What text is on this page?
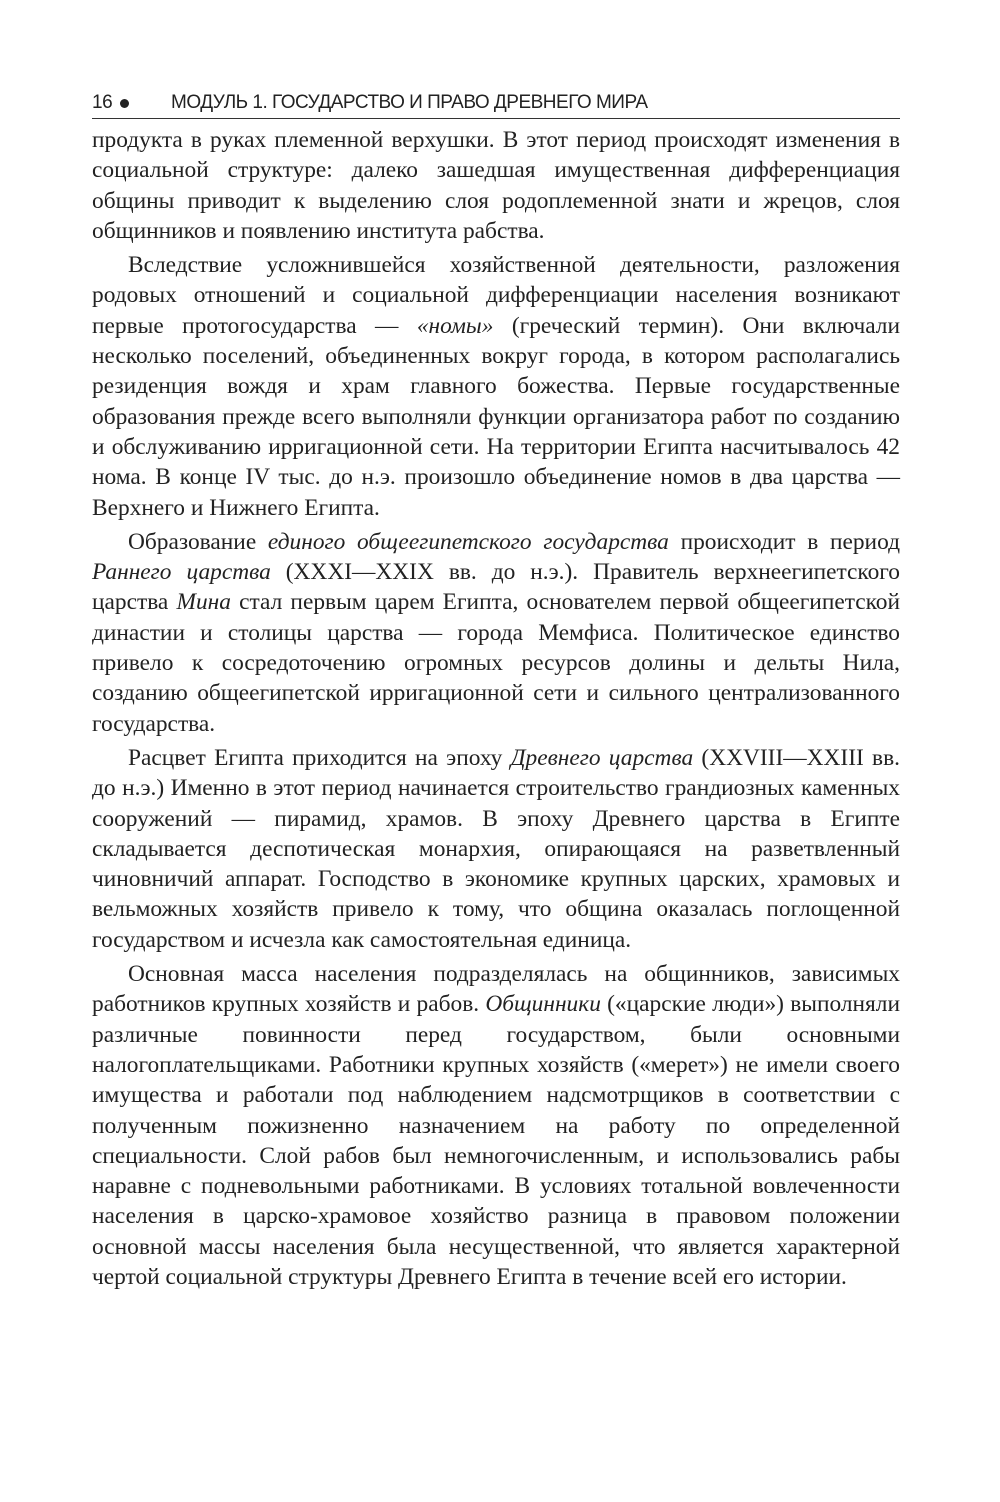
16	МОДУЛЬ 1. ГОСУДАРСТВО И ПРАВО ДРЕВНЕГО МИРА

продукта в руках племенной верхушки. В этот период происходят изменения в социальной структуре: далеко зашедшая имущественная дифференциация общины приводит к выделению слоя родоплеменной знати и жрецов, слоя общинников и появлению института рабства.

Вследствие усложнившейся хозяйственной деятельности, разложения родовых отношений и социальной дифференциации населения возникают первые протогосударства — «номы» (греческий термин). Они включали несколько поселений, объединенных вокруг города, в котором располагались резиденция вождя и храм главного божества. Первые государственные образования прежде всего выполняли функции организатора работ по созданию и обслуживанию ирригационной сети. На территории Египта насчитывалось 42 нома. В конце IV тыс. до н.э. произошло объединение номов в два царства — Верхнего и Нижнего Египта.

Образование единого общеегипетского государства происходит в период Раннего царства (XXXI—XXIX вв. до н.э.). Правитель верхнеегипетского царства Мина стал первым царем Египта, основателем первой общеегипетской династии и столицы царства — города Мемфиса. Политическое единство привело к сосредоточению огромных ресурсов долины и дельты Нила, созданию общеегипетской ирригационной сети и сильного централизованного государства.

Расцвет Египта приходится на эпоху Древнего царства (XXVIII—XXIII вв. до н.э.) Именно в этот период начинается строительство грандиозных каменных сооружений — пирамид, храмов. В эпоху Древнего царства в Египте складывается деспотическая монархия, опирающаяся на разветвленный чиновничий аппарат. Господство в экономике крупных царских, храмовых и вельможных хозяйств привело к тому, что община оказалась поглощенной государством и исчезла как самостоятельная единица.

Основная масса населения подразделялась на общинников, зависимых работников крупных хозяйств и рабов. Общинники («царские люди») выполняли различные повинности перед государством, были основными налогоплательщиками. Работники крупных хозяйств («мерет») не имели своего имущества и работали под наблюдением надсмотрщиков в соответствии с полученным пожизненно назначением на работу по определенной специальности. Слой рабов был немногочисленным, и использовались рабы наравне с подневольными работниками. В условиях тотальной вовлеченности населения в царско-храмовое хозяйство разница в правовом положении основной массы населения была несущественной, что является характерной чертой социальной структуры Древнего Египта в течение всей его истории.
